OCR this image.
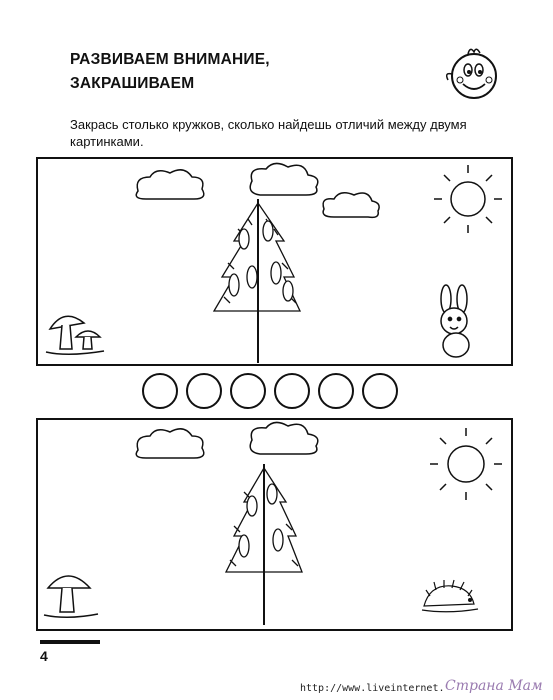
РАЗВИВАЕМ ВНИМАНИЕ,
ЗАКРАШИВАЕМ
Закрась столько кружков, сколько найдешь отличий между двумя картинками.
4
http://www.liveinternet. Страна Мам
